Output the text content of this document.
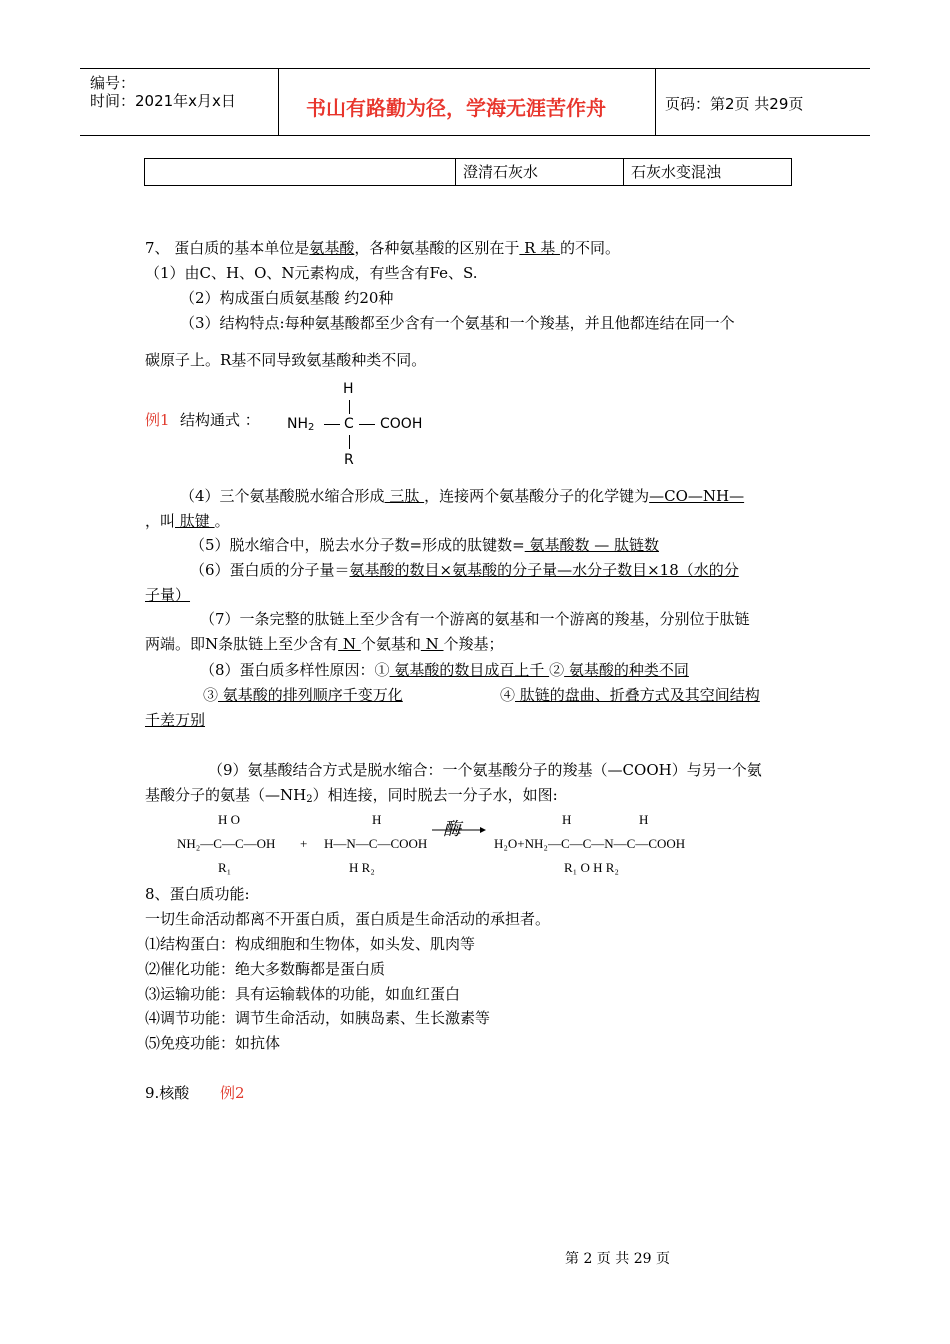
编号：
时间：2021年x月x日	书山有路勤为径，学海无涯苦作舟	页码：第2页 共29页
澄清石灰水	石灰水变混浊
7、 蛋白质的基本单位是氨基酸，各种氨基酸的区别在于 R 基 的不同。
（1）由C、H、O、N元素构成，有些含有Fe、S.
（2）构成蛋白质氨基酸 约20种
（3）结构特点:每种氨基酸都至少含有一个氨基和一个羧基，并且他都连结在同一个
碳原子上。R基不同导致氨基酸种类不同。
例1 结构通式 ：
H
NH2 C COOH
R
（4）三个氨基酸脱水缩合形成 三肽 ，连接两个氨基酸分子的化学键为—CO—NH—
，叫 肽键 。
（5）脱水缩合中，脱去水分子数=形成的肽键数= 氨基酸数 — 肽链数
（6）蛋白质的分子量＝氨基酸的数目×氨基酸的分子量—水分子数目×18（水的分
子量）
（7）一条完整的肽链上至少含有一个游离的氨基和一个游离的羧基，分别位于肽链
两端。即N条肽链上至少含有 N 个氨基和 N 个羧基；
（8）蛋白质多样性原因：① 氨基酸的数目成百上千 ② 氨基酸的种类不同
③ 氨基酸的排列顺序千变万化	④ 肽链的盘曲、折叠方式及其空间结构
千差万别
（9）氨基酸结合方式是脱水缩合：一个氨基酸分子的羧基（—COOH）与另一个氨
基酸分子的氨基（—NH2）相连接，同时脱去一分子水，如图:
H O
NH₂—C—C—OH
R₁
+
H
H—N—C—COOH
H R₂
酶	H	H
H₂O+NH₂—C—C—N—C—COOH
R₁ O H R₂
8、蛋白质功能:
一切生命活动都离不开蛋白质，蛋白质是生命活动的承担者。
⑴结构蛋白：构成细胞和生物体，如头发、肌肉等
⑵催化功能：绝大多数酶都是蛋白质
⑶运输功能：具有运输载体的功能，如血红蛋白
⑷调节功能：调节生命活动，如胰岛素、生长激素等
⑸免疫功能：如抗体
9.核酸 例2
第 2 页 共 29 页
